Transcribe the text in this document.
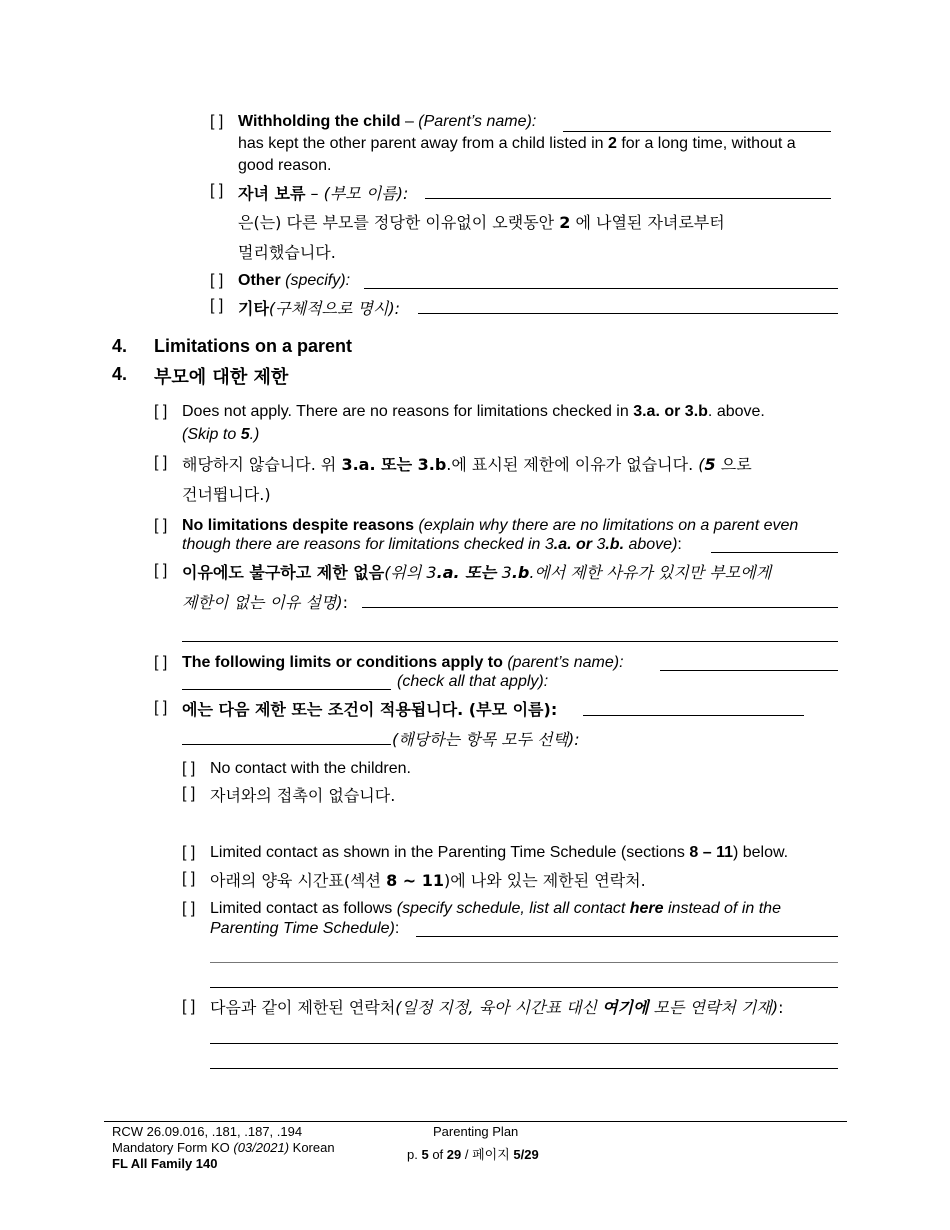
[ ] Withholding the child – (Parent’s name):
has kept the other parent away from a child listed in 2 for a long time, without a
good reason.
[ ] 자녀 보류 – (부모 이름):
은(는) 다른 부모를 정당한 이유없이 오랫동안 2 에 나열된 자녀로부터
멀리했습니다.
[ ] Other (specify):
[ ] 기타(구체적으로 명시):
4. Limitations on a parent
4. 부모에 대한 제한
[ ] Does not apply. There are no reasons for limitations checked in 3.a. or 3.b. above.
(Skip to 5.)
[ ] 해당하지 않습니다. 위 3.a. 또는 3.b.에 표시된 제한에 이유가 없습니다. (5 으로
건너뜁니다.)
[ ] No limitations despite reasons (explain why there are no limitations on a parent even
though there are reasons for limitations checked in 3.a. or 3.b. above):
[ ] 이유에도 불구하고 제한 없음(위의 3.a. 또는 3.b.에서 제한 사유가 있지만 부모에게
제한이 없는 이유 설명):
[ ] The following limits or conditions apply to (parent’s name):
(check all that apply):
[ ] 에는 다음 제한 또는 조건이 적용됩니다. (부모 이름):
(해당하는 항목 모두 선택):
[ ] No contact with the children.
[ ] 자녀와의 접촉이 없습니다.
[ ] Limited contact as shown in the Parenting Time Schedule (sections 8 – 11) below.
[ ] 아래의 양육 시간표(섹션 8 ~ 11)에 나와 있는 제한된 연락처.
[ ] Limited contact as follows (specify schedule, list all contact here instead of in the
Parenting Time Schedule):
[ ] 다음과 같이 제한된 연락처(일정 지정, 육아 시간표 대신 여기에 모든 연락처 기재):
RCW 26.09.016, .181, .187, .194
Mandatory Form KO (03/2021) Korean
FL All Family 140
Parenting Plan
p. 5 of 29 / 페이지 5/29
